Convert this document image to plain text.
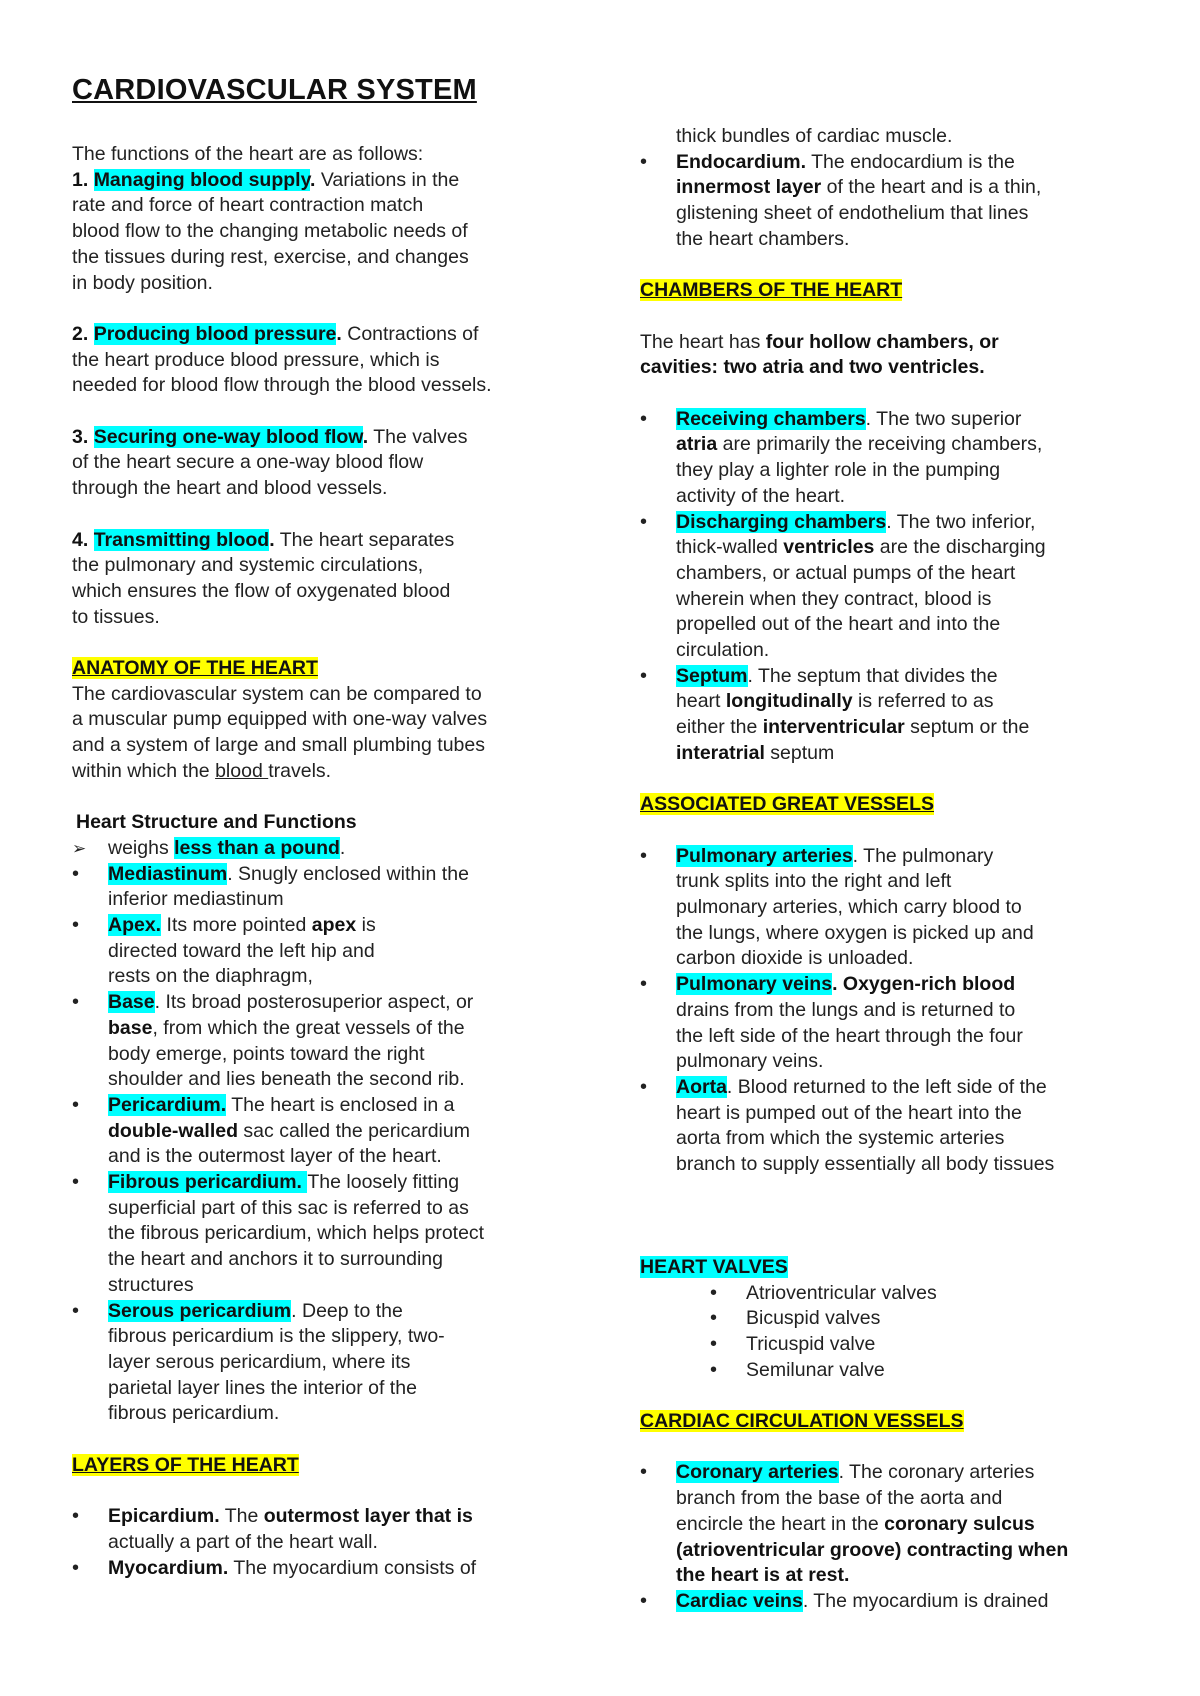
CARDIOVASCULAR SYSTEM
The functions of the heart are as follows:
1. Managing blood supply. Variations in the
rate and force of heart contraction match
blood flow to the changing metabolic needs of
the tissues during rest, exercise, and changes
in body position.
2. Producing blood pressure. Contractions of
the heart produce blood pressure, which is
needed for blood flow through the blood vessels.
3. Securing one-way blood flow. The valves
of the heart secure a one-way blood flow
through the heart and blood vessels.
4. Transmitting blood. The heart separates
the pulmonary and systemic circulations,
which ensures the flow of oxygenated blood
to tissues.
ANATOMY OF THE HEART
The cardiovascular system can be compared to
a muscular pump equipped with one-way valves
and a system of large and small plumbing tubes
within which the blood travels.
Heart Structure and Functions
➢
weighs less than a pound.
•
Mediastinum. Snugly enclosed within the
inferior mediastinum
•
Apex. Its more pointed apex is
directed toward the left hip and
rests on the diaphragm,
•
Base. Its broad posterosuperior aspect, or
base, from which the great vessels of the
body emerge, points toward the right
shoulder and lies beneath the second rib.
•
Pericardium. The heart is enclosed in a
double-walled sac called the pericardium
and is the outermost layer of the heart.
•
Fibrous pericardium. The loosely fitting
superficial part of this sac is referred to as
the fibrous pericardium, which helps protect
the heart and anchors it to surrounding
structures
•
Serous pericardium. Deep to the
fibrous pericardium is the slippery, two-
layer serous pericardium, where its
parietal layer lines the interior of the
fibrous pericardium.
LAYERS OF THE HEART
•
Epicardium. The outermost layer that is
actually a part of the heart wall.
•
Myocardium. The myocardium consists of
thick bundles of cardiac muscle.
•
Endocardium. The endocardium is the
innermost layer of the heart and is a thin,
glistening sheet of endothelium that lines
the heart chambers.
CHAMBERS OF THE HEART
The heart has four hollow chambers, or
cavities: two atria and two ventricles.
•
Receiving chambers. The two superior
atria are primarily the receiving chambers,
they play a lighter role in the pumping
activity of the heart.
•
Discharging chambers. The two inferior,
thick-walled ventricles are the discharging
chambers, or actual pumps of the heart
wherein when they contract, blood is
propelled out of the heart and into the
circulation.
•
Septum. The septum that divides the
heart longitudinally is referred to as
either the interventricular septum or the
interatrial septum
ASSOCIATED GREAT VESSELS
•
Pulmonary arteries. The pulmonary
trunk splits into the right and left
pulmonary arteries, which carry blood to
the lungs, where oxygen is picked up and
carbon dioxide is unloaded.
•
Pulmonary veins. Oxygen-rich blood
drains from the lungs and is returned to
the left side of the heart through the four
pulmonary veins.
•
Aorta. Blood returned to the left side of the
heart is pumped out of the heart into the
aorta from which the systemic arteries
branch to supply essentially all body tissues
HEART VALVES
•
Atrioventricular valves
•
Bicuspid valves
•
Tricuspid valve
•
Semilunar valve
CARDIAC CIRCULATION VESSELS
•
Coronary arteries. The coronary arteries
branch from the base of the aorta and
encircle the heart in the coronary sulcus
(atrioventricular groove) contracting when
the heart is at rest.
•
Cardiac veins. The myocardium is drained
